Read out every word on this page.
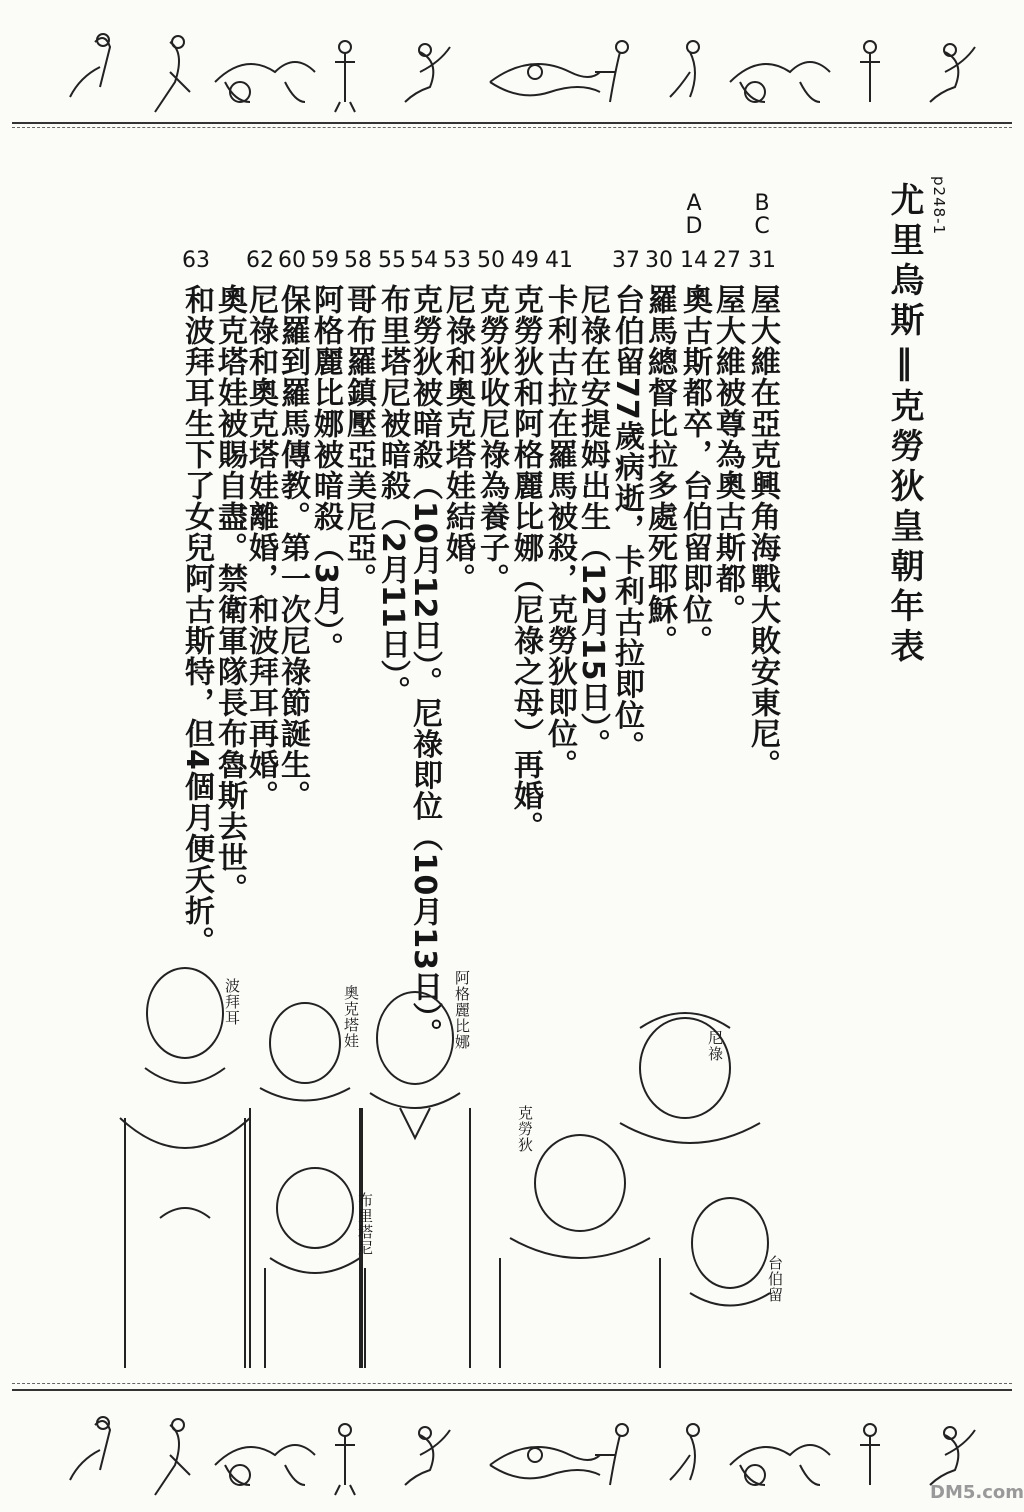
p248-1
尤里烏斯‖克勞狄皇朝年表
B
C
31
屋大維在亞克興角海戰大敗安東尼。
27
屋大維被尊為奧古斯都。
A
D
14
奧古斯都卒，台伯留即位。
30
羅馬總督比拉多處死耶穌。
37
台伯留77歲病逝，卡利古拉即位。
尼祿在安提姆出生（12月15日）。
41
卡利古拉在羅馬被殺，克勞狄即位。
49
克勞狄和阿格麗比娜（尼祿之母）再婚。
50
克勞狄收尼祿為養子。
53
尼祿和奧克塔娃結婚。
54
克勞狄被暗殺（10月12日）。尼祿即位（10月13日）。
55
布里塔尼被暗殺（2月11日）。
58
哥布羅鎮壓亞美尼亞。
59
阿格麗比娜被暗殺（3月）。
60
保羅到羅馬傳教。第一次尼祿節誕生。
62
尼祿和奧克塔娃離婚，和波拜耳再婚。
奧克塔娃被賜自盡。禁衛軍隊長布魯斯去世。
63
和波拜耳生下了女兒阿古斯特，但4個月便夭折。
波拜耳	奧克塔娃	阿格麗比娜
布里塔尼
克勞狄
尼祿
台伯留
DM5.com
